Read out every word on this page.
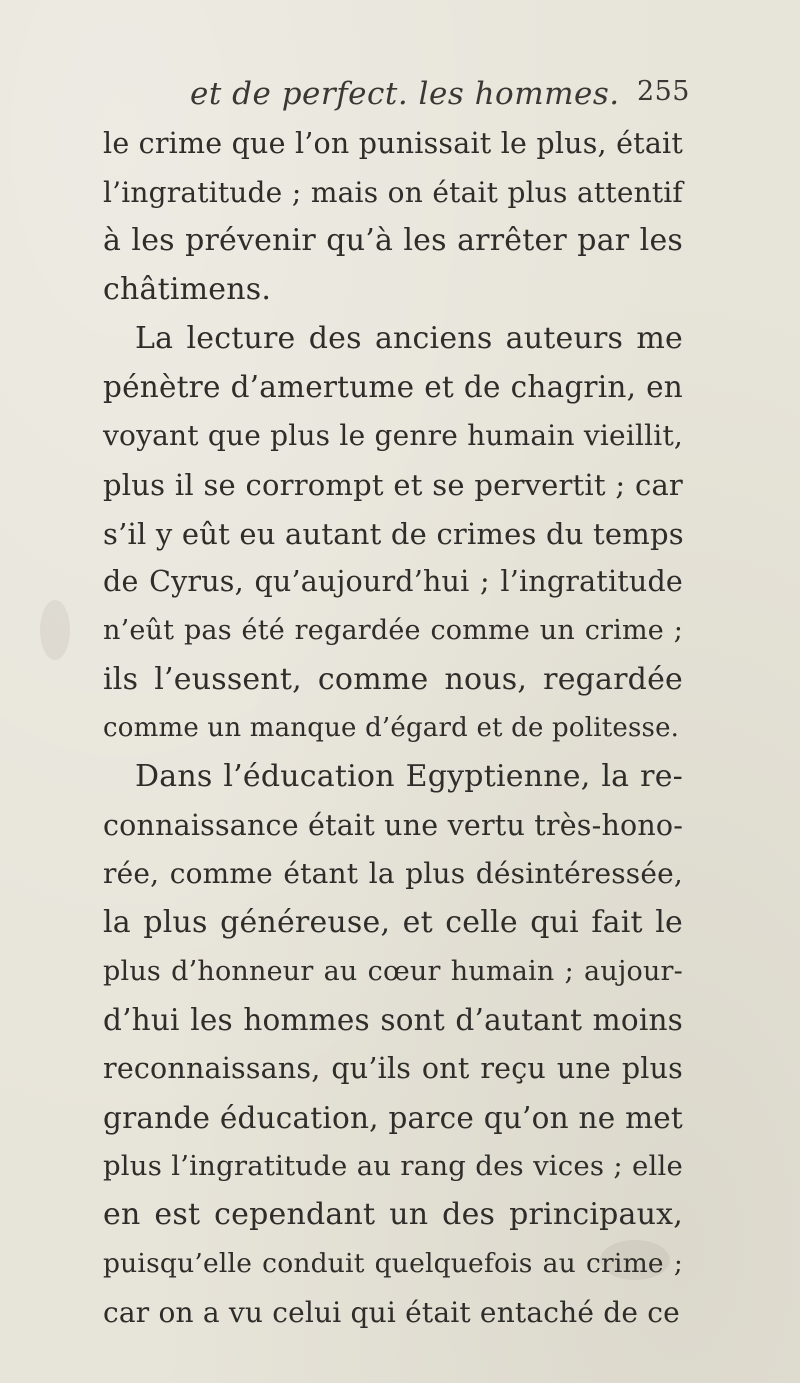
et de perfect. les hommes. 255
le crime que l’on punissait le plus, était
l’ingratitude ; mais on était plus attentif
à les prévenir qu’à les arrêter par les
châtimens.
La lecture des anciens auteurs me
pénètre d’amertume et de chagrin, en
voyant que plus le genre humain vieillit,
plus il se corrompt et se pervertit ; car
s’il y eût eu autant de crimes du temps
de Cyrus, qu’aujourd’hui ; l’ingratitude
n’eût pas été regardée comme un crime ;
ils l’eussent, comme nous, regardée
comme un manque d’égard et de politesse.
Dans l’éducation Egyptienne, la re-
connaissance était une vertu très-hono-
rée, comme étant la plus désintéressée,
la plus généreuse, et celle qui fait le
plus d’honneur au cœur humain ; aujour-
d’hui les hommes sont d’autant moins
reconnaissans, qu’ils ont reçu une plus
grande éducation, parce qu’on ne met
plus l’ingratitude au rang des vices ; elle
en est cependant un des principaux,
puisqu’elle conduit quelquefois au crime ;
car on a vu celui qui était entaché de ce
